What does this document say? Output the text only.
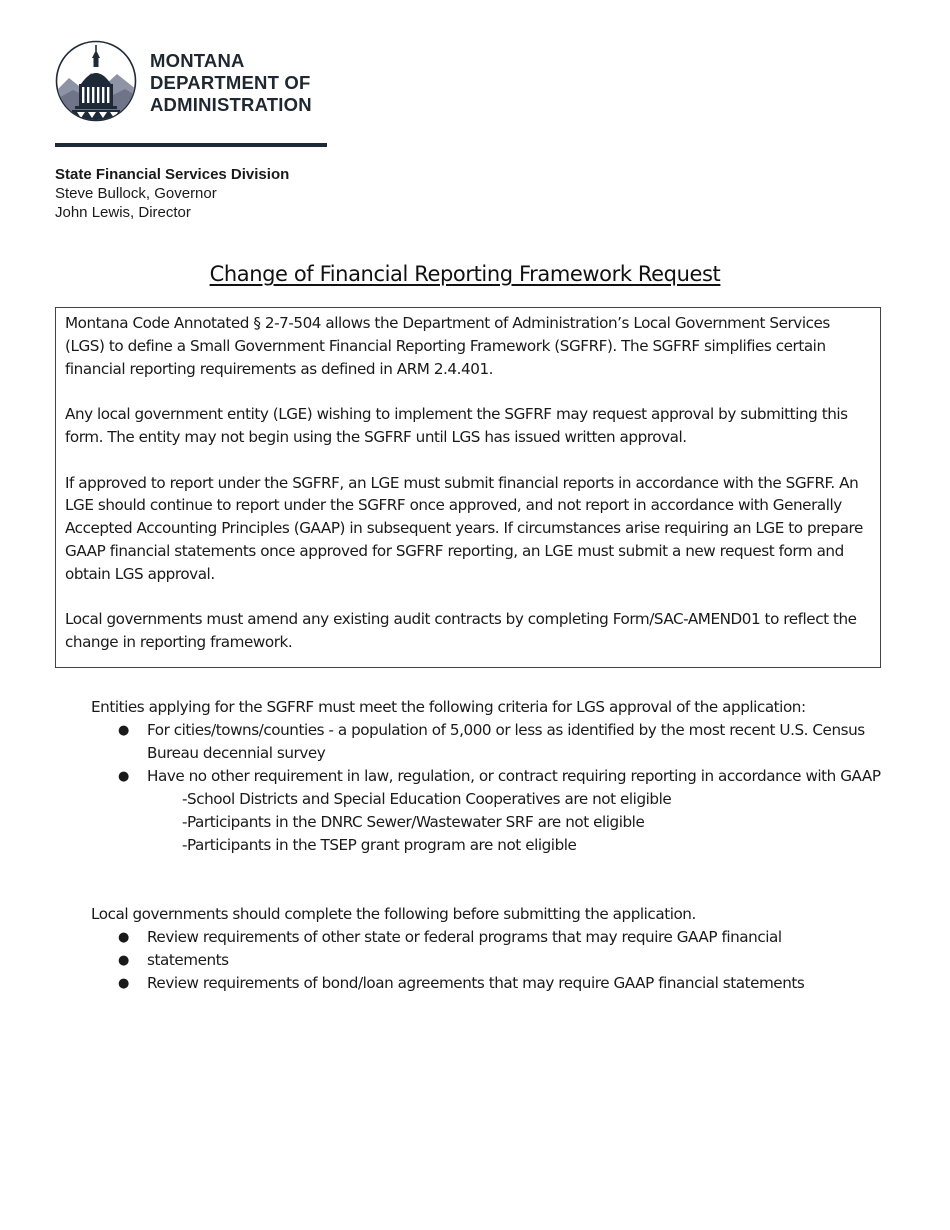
MONTANA
DEPARTMENT OF
ADMINISTRATION
State Financial Services Division
Steve Bullock, Governor
John Lewis, Director
Change of Financial Reporting Framework Request

Montana Code Annotated § 2-7-504 allows the Department of Administration’s Local Government Services (LGS) to define a Small Government Financial Reporting Framework (SGFRF). The SGFRF simplifies certain financial reporting requirements as defined in ARM 2.4.401.

Any local government entity (LGE) wishing to implement the SGFRF may request approval by submitting this form. The entity may not begin using the SGFRF until LGS has issued written approval.

If approved to report under the SGFRF, an LGE must submit financial reports in accordance with the SGFRF. An LGE should continue to report under the SGFRF once approved, and not report in accordance with Generally Accepted Accounting Principles (GAAP) in subsequent years. If circumstances arise requiring an LGE to prepare GAAP financial statements once approved for SGFRF reporting, an LGE must submit a new request form and obtain LGS approval.

Local governments must amend any existing audit contracts by completing Form/SAC-AMEND01 to reflect the change in reporting framework.

Entities applying for the SGFRF must meet the following criteria for LGS approval of the application:

● For cities/towns/counties - a population of 5,000 or less as identified by the most recent U.S. Census Bureau decennial survey
● Have no other requirement in law, regulation, or contract requiring reporting in accordance with GAAP
-School Districts and Special Education Cooperatives are not eligible
-Participants in the DNRC Sewer/Wastewater SRF are not eligible
-Participants in the TSEP grant program are not eligible

Local governments should complete the following before submitting the application.

● Review requirements of other state or federal programs that may require GAAP financial
● statements
● Review requirements of bond/loan agreements that may require GAAP financial statements
